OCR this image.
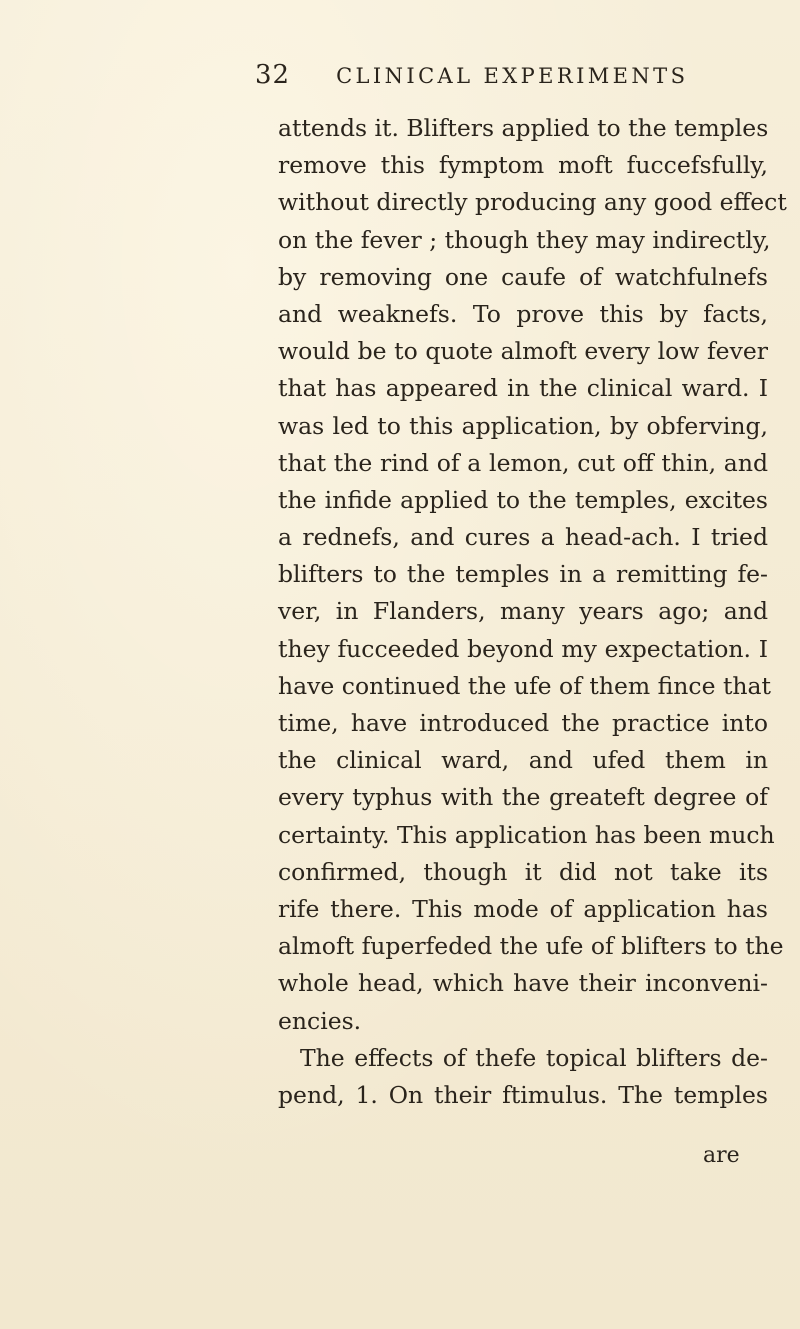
32 CLINICAL EXPERIMENTS
attends it. Blifters applied to the temples
remove this fymptom moft fuccefsfully,
without directly producing any good effect
on the fever ; though they may indirectly,
by removing one caufe of watchfulnefs
and weaknefs. To prove this by facts,
would be to quote almoft every low fever
that has appeared in the clinical ward. I
was led to this application, by obferving,
that the rind of a lemon, cut off thin, and
the infide applied to the temples, excites
a rednefs, and cures a head-ach. I tried
blifters to the temples in a remitting fe-
ver, in Flanders, many years ago; and
they fucceeded beyond my expectation. I
have continued the ufe of them fince that
time, have introduced the practice into
the clinical ward, and ufed them in
every typhus with the greateft degree of
certainty. This application has been much
confirmed, though it did not take its
rife there. This mode of application has
almoft fuperfeded the ufe of blifters to the
whole head, which have their inconveni-
encies.
The effects of thefe topical blifters de-
pend, 1. On their ftimulus. The temples
are
